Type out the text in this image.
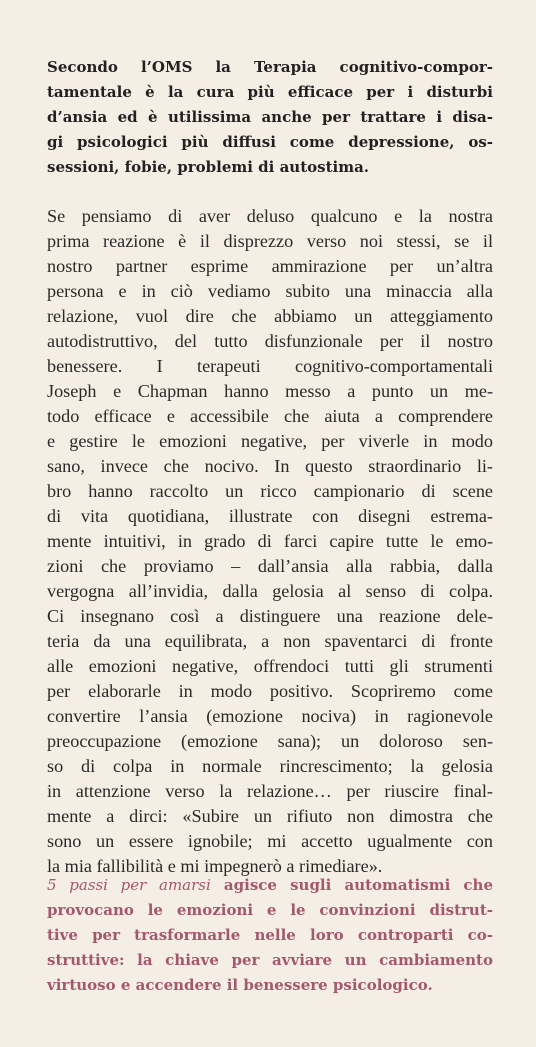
Secondo l’OMS la Terapia cognitivo-compor-

tamentale è la cura più efficace per i disturbi

d’ansia ed è utilissima anche per trattare i disa-

gi psicologici più diffusi come depressione, os-

sessioni, fobie, problemi di autostima.

Se pensiamo di aver deluso qualcuno e la nostra

prima reazione è il disprezzo verso noi stessi, se il

nostro partner esprime ammirazione per un’altra

persona e in ciò vediamo subito una minaccia alla

relazione, vuol dire che abbiamo un atteggiamento

autodistruttivo, del tutto disfunzionale per il nostro

benessere. I terapeuti cognitivo-comportamentali

Joseph e Chapman hanno messo a punto un me-

todo efficace e accessibile che aiuta a comprendere

e gestire le emozioni negative, per viverle in modo

sano, invece che nocivo. In questo straordinario li-

bro hanno raccolto un ricco campionario di scene

di vita quotidiana, illustrate con disegni estrema-

mente intuitivi, in grado di farci capire tutte le emo-

zioni che proviamo – dall’ansia alla rabbia, dalla

vergogna all’invidia, dalla gelosia al senso di colpa.

Ci insegnano così a distinguere una reazione dele-

teria da una equilibrata, a non spaventarci di fronte

alle emozioni negative, offrendoci tutti gli strumenti

per elaborarle in modo positivo. Scopriremo come

convertire l’ansia (emozione nociva) in ragionevole

preoccupazione (emozione sana); un doloroso sen-

so di colpa in normale rincrescimento; la gelosia

in attenzione verso la relazione… per riuscire final-

mente a dirci: «Subire un rifiuto non dimostra che

sono un essere ignobile; mi accetto ugualmente con

la mia fallibilità e mi impegnerò a rimediare».

5 passi per amarsi agisce sugli automatismi che

provocano le emozioni e le convinzioni distrut-

tive per trasformarle nelle loro controparti co-

struttive: la chiave per avviare un cambiamento

virtuoso e accendere il benessere psicologico.
